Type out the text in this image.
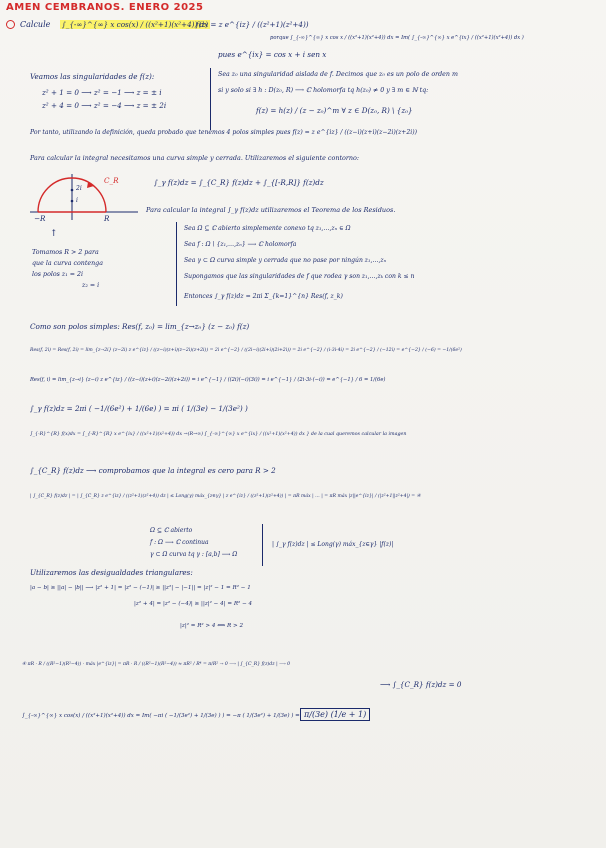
AMEN CEMBRANOS. ENERO 2025
Calcule ∫_{-∞}^{∞} x cos(x) / ((x²+1)(x²+4)) dx
f(z) = z e^{iz} / ((z²+1)(z²+4))
porque ∫_{-∞}^{∞} x cos x / ((x²+1)(x²+4)) dx = Im( ∫_{-∞}^{∞} x e^{ix} / ((x²+1)(x²+4)) dx )
pues e^{ix} = cos x + i sen x
Veamos las singularidades de f(z):
z² + 1 = 0 ⟶ z² = −1 ⟶ z = ± i
z² + 4 = 0 ⟶ z² = −4 ⟶ z = ± 2i
Sea z₀ una singularidad aislada de f. Decimos que z₀ es un polo de orden m
si y solo si ∃ h : D(z₀, R) ⟶ ℂ holomorfa tq h(z₀) ≠ 0 y ∃ m ∈ ℕ tq:
f(z) = h(z) / (z − z₀)^m ∀ z ∈ D(z₀, R) \ {z₀}
Por tanto, utilizando la definición, queda probado que tenemos 4 polos simples pues f(z) = z e^{iz} / ((z−i)(z+i)(z−2i)(z+2i))
Para calcular la integral necesitamos una curva simple y cerrada. Utilizaremos el siguiente contorno:
C_R
2i
i
−R	R
∫_γ f(z)dz = ∫_{C_R} f(z)dz + ∫_{[-R,R]} f(z)dz
Para calcular la integral ∫_γ f(z)dz utilizaremos el Teorema de los Residuos.
↑
Tomamos R > 2 para
que la curva contenga
los polos z₁ = 2i
z₂ = i
Sea Ω ⊆ ℂ abierto simplemente conexo tq z₁,…,zₙ ∈ Ω
Sea f : Ω \ {z₁,…,zₙ} ⟶ ℂ holomorfa
Sea γ ⊂ Ω curva simple y cerrada que no pase por ningún z₁,…,zₙ
Supongamos que las singularidades de f que rodea γ son z₁,…,zₖ con k ≤ n
Entonces ∫_γ f(z)dz = 2πi Σ_{k=1}^{n} Res(f, z_k)
Como son polos simples: Res(f, z₀) = lim_{z→z₀} (z − z₀) f(z)
Res(f, 2i) = Res(f, 2i) = lim_{z→2i} (z−2i) z e^{iz} / ((z−i)(z+i)(z−2i)(z+2i)) = 2i e^{−2} / ((2i−i)(2i+i)(2i+2i)) = 2i e^{−2} / (i·3i·4i) = 2i e^{−2} / (−12i) = e^{−2} / (−6) = −1/(6e²)
Res(f, i) = lim_{z→i} (z−i) z e^{iz} / ((z−i)(z+i)(z−2i)(z+2i)) = i e^{−1} / ((2i)(−i)(3i)) = i e^{−1} / (2i·3i·(−i)) = e^{−1} / 6 = 1/(6e)
∫_γ f(z)dz = 2πi ( −1/(6e²) + 1/(6e) ) = πi ( 1/(3e) − 1/(3e²) )
∫_{-R}^{R} f(x)dx = ∫_{-R}^{R} x e^{ix} / ((x²+1)(x²+4)) dx →(R→∞) ∫_{-∞}^{∞} x e^{ix} / ((x²+1)(x²+4)) dx } de la cual queremos calcular la imagen
∫_{C_R} f(z)dz ⟶ comprobamos que la integral es cero para R > 2
| ∫_{C_R} f(z)dz | = | ∫_{C_R} z e^{iz} / ((z²+1)(z²+4)) dz | ≤ Long(γ) máx_{z∈γ} | z e^{iz} / ((z²+1)(z²+4)) | = πR máx | … | = πR máx |z||e^{iz}| / (|z²+1||z²+4|) = ④
Ω ⊆ ℂ abierto
f : Ω ⟶ ℂ continua
γ ⊂ Ω curva tq γ : [a,b] ⟶ Ω
| ∫_γ f(z)dz | ≤ Long(γ) máx_{z∈γ} |f(z)|
Utilizaremos las desigualdades triangulares:
|a − b| ≥ ||a| − |b|| ⟶ |z² + 1| = |z² − (−1)| ≥ ||z²| − |−1|| = |z|² − 1 = R² − 1
|z² + 4| = |z² − (−4)| ≥ ||z|² − 4| = R² − 4
|z|² = R² > 4 ⟺ R > 2
④ πR · R / ((R²−1)(R²−4)) · máx |e^{iz}| = πR · R / ((R²−1)(R²−4)) ≈ πR² / R⁴ = π/R² → 0 ⟶ | ∫_{C_R} f(z)dz | ⟶ 0
⟶ ∫_{C_R} f(z)dz = 0
∫_{-∞}^{∞} x cos(x) / ((x²+1)(x²+4)) dx = Im( −πi ( −1/(3e²) + 1/(3e) ) ) = −π ( 1/(3e²) + 1/(3e) ) = π/(3e) (1/e + 1)
